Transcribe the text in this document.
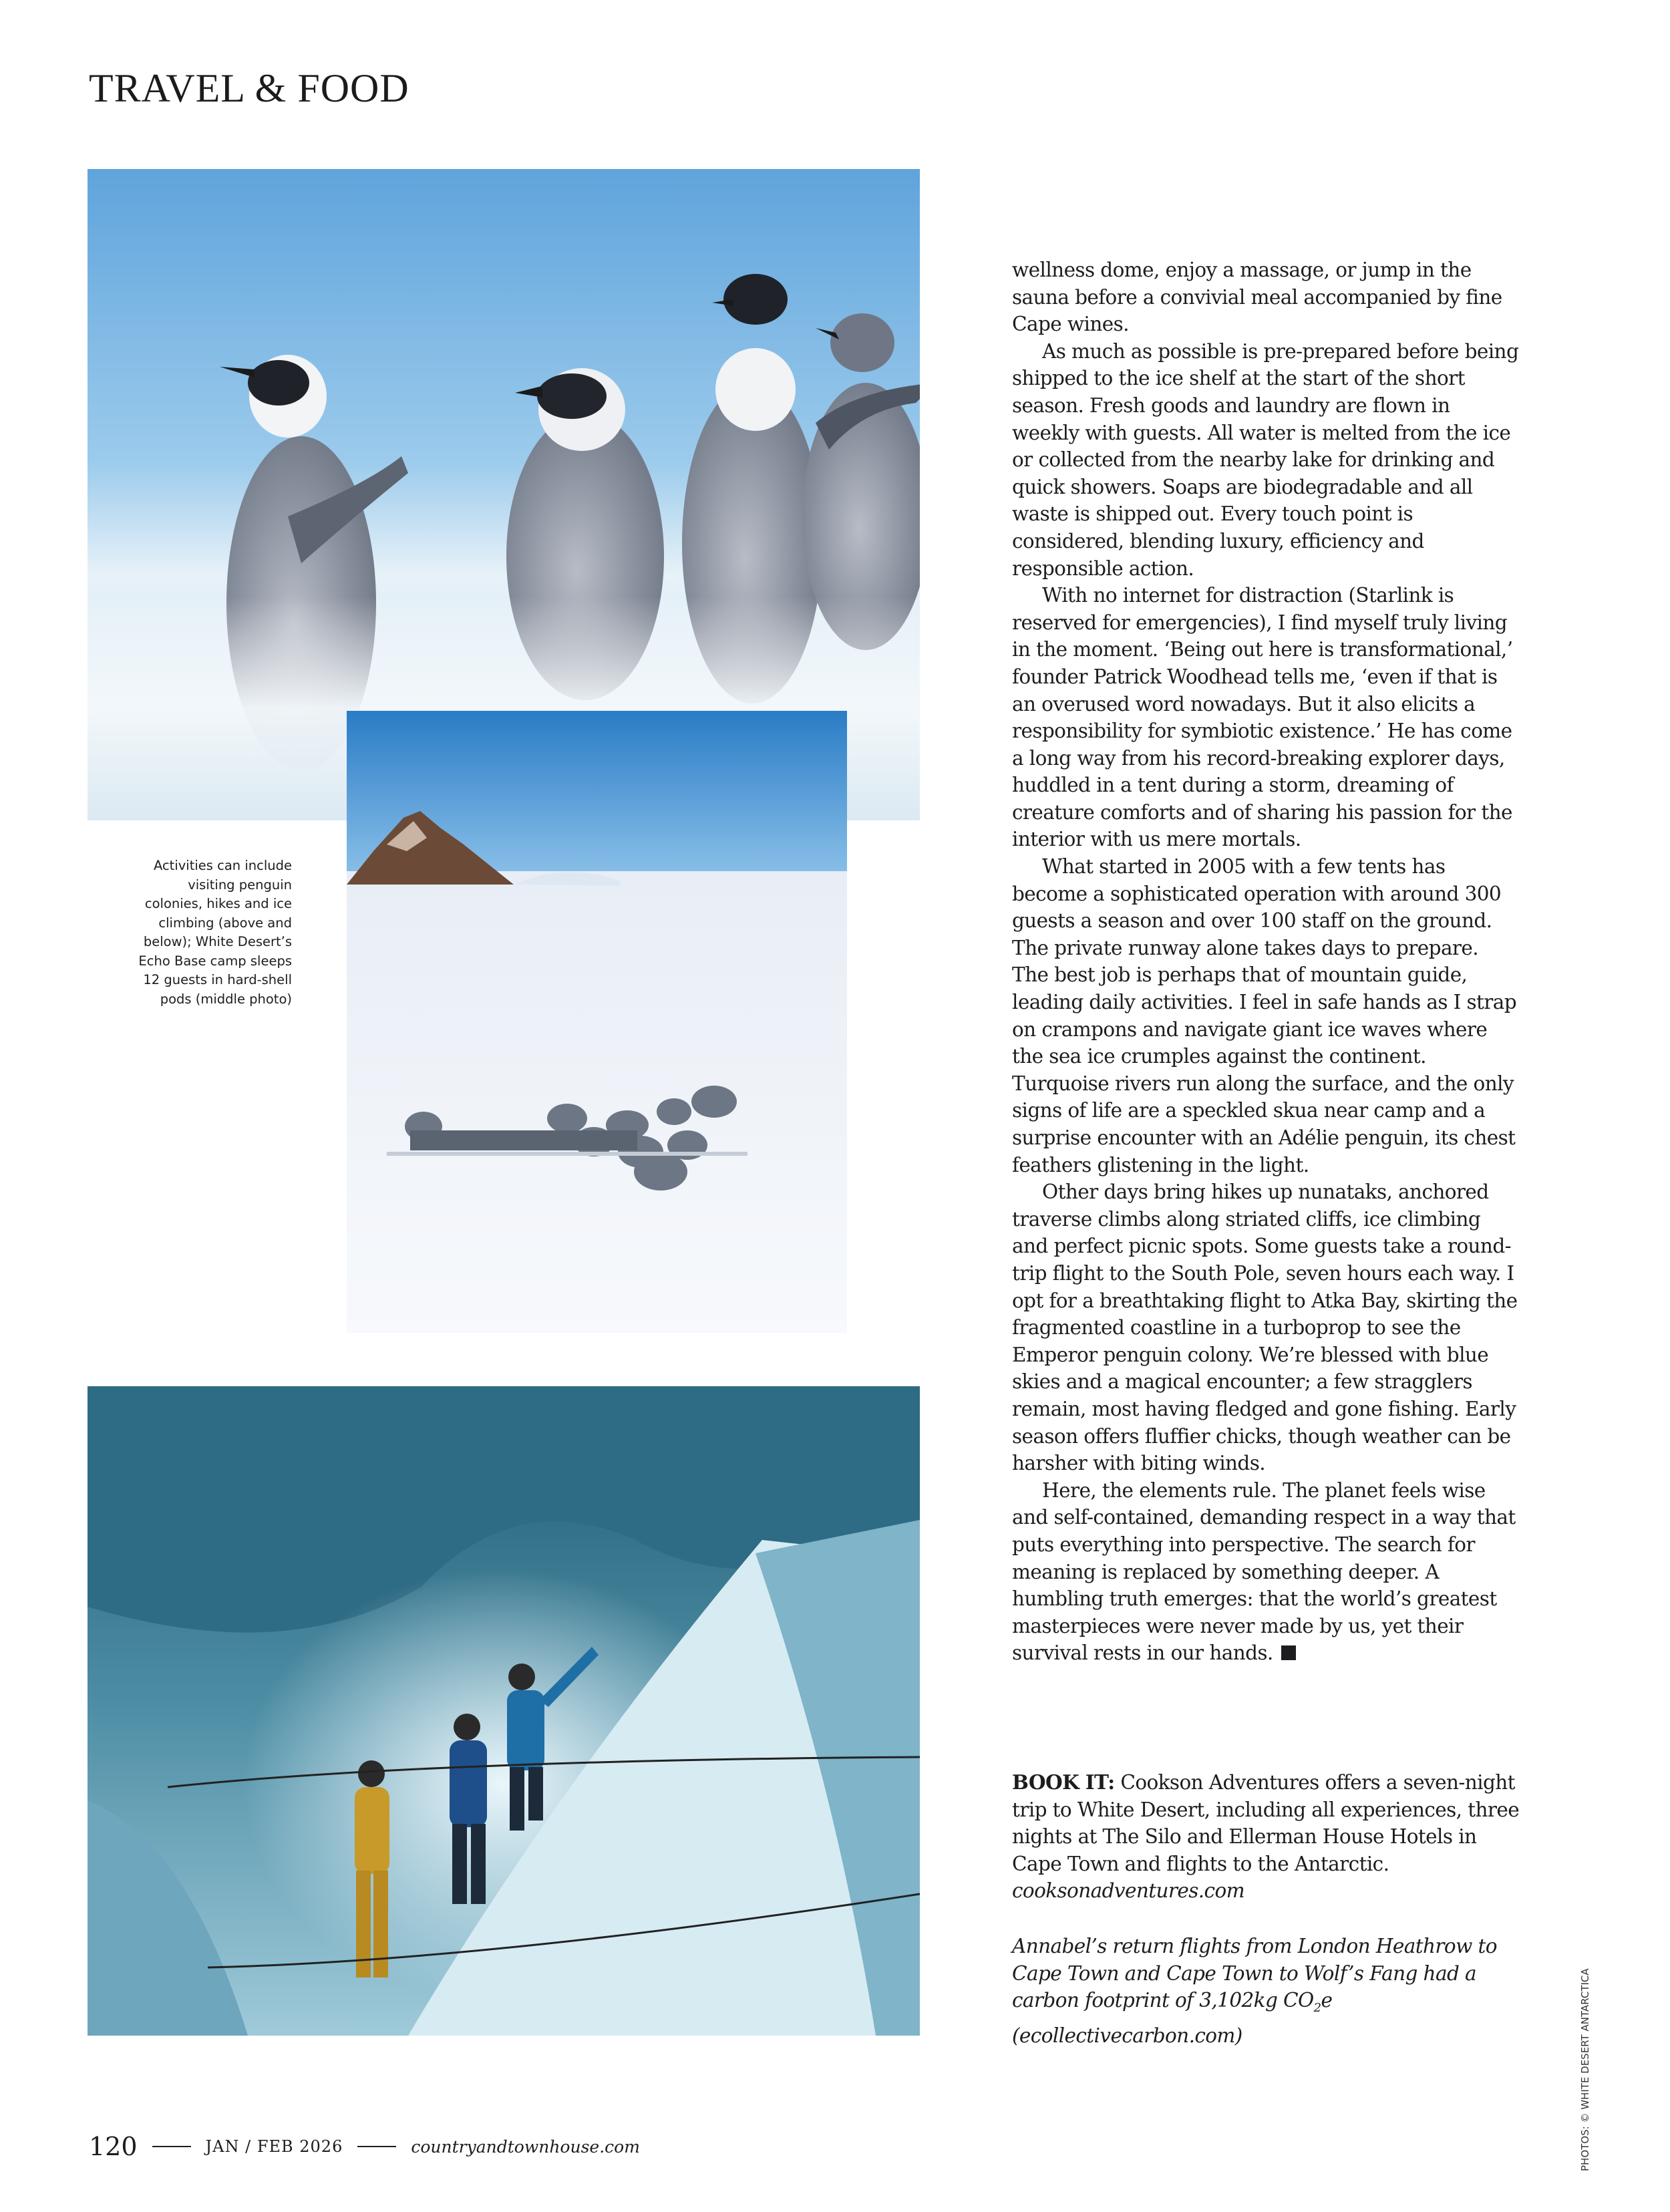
TRAVEL & FOOD
Activities can include visiting penguin colonies, hikes and ice climbing (above and below); White Desert’s Echo Base camp sleeps 12 guests in hard-shell pods (middle photo)

wellness dome, enjoy a massage, or jump in the sauna before a convivial meal accompanied by fine Cape wines.

As much as possible is pre-prepared before being shipped to the ice shelf at the start of the short season. Fresh goods and laundry are flown in weekly with guests. All water is melted from the ice or collected from the nearby lake for drinking and quick showers. Soaps are biodegradable and all waste is shipped out. Every touch point is considered, blending luxury, efficiency and responsible action.

With no internet for distraction (Starlink is reserved for emergencies), I find myself truly living in the moment. ‘Being out here is transformational,’ founder Patrick Woodhead tells me, ‘even if that is an overused word nowadays. But it also elicits a responsibility for symbiotic existence.’ He has come a long way from his record-breaking explorer days, huddled in a tent during a storm, dreaming of creature comforts and of sharing his passion for the interior with us mere mortals.

What started in 2005 with a few tents has become a sophisticated operation with around 300 guests a season and over 100 staff on the ground. The private runway alone takes days to prepare. The best job is perhaps that of mountain guide, leading daily activities. I feel in safe hands as I strap on crampons and navigate giant ice waves where the sea ice crumples against the continent. Turquoise rivers run along the surface, and the only signs of life are a speckled skua near camp and a surprise encounter with an Adélie penguin, its chest feathers glistening in the light.

Other days bring hikes up nunataks, anchored traverse climbs along striated cliffs, ice climbing and perfect picnic spots. Some guests take a round-trip flight to the South Pole, seven hours each way. I opt for a breathtaking flight to Atka Bay, skirting the fragmented coastline in a turboprop to see the Emperor penguin colony. We’re blessed with blue skies and a magical encounter; a few stragglers remain, most having fledged and gone fishing. Early season offers fluffier chicks, though weather can be harsher with biting winds.

Here, the elements rule. The planet feels wise and self-contained, demanding respect in a way that puts everything into perspective. The search for meaning is replaced by something deeper. A humbling truth emerges: that the world’s greatest masterpieces were never made by us, yet their survival rests in our hands.

BOOK IT: Cookson Adventures offers a seven-night trip to White Desert, including all experiences, three nights at The Silo and Ellerman House Hotels in Cape Town and flights to the Antarctic. cooksonadventures.com
Annabel’s return flights from London Heathrow to Cape Town and Cape Town to Wolf’s Fang had a carbon footprint of 3,102kg $CO_2e$ (ecollectivecarbon.com)	PHOTOS: © WHITE DESERT ANTARCTICA
120	JAN / FEB 2026	countryandtownhouse.com
